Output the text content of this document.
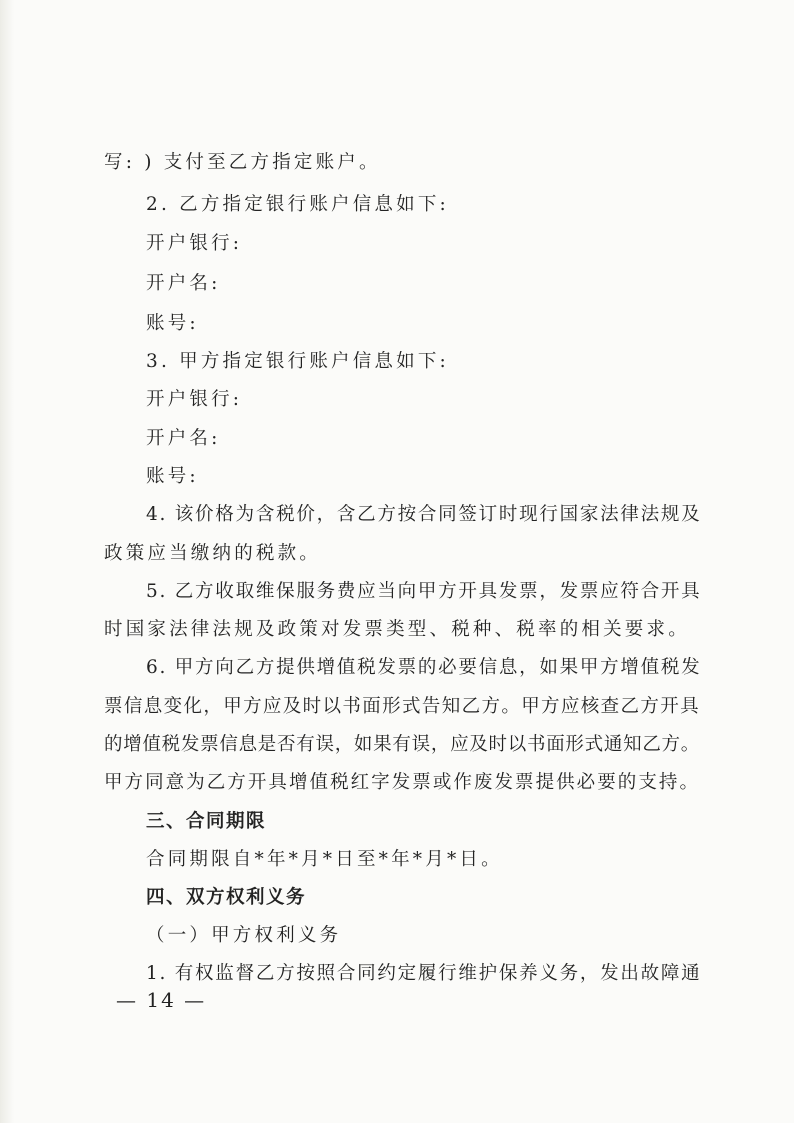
写: ) 支付至乙方指定账户。
2. 乙方指定银行账户信息如下:
开户银行:
开户名:
账号:
3. 甲方指定银行账户信息如下:
开户银行:
开户名:
账号:
4. 该价格为含税价，含乙方按合同签订时现行国家法律法规及
政策应当缴纳的税款。
5. 乙方收取维保服务费应当向甲方开具发票，发票应符合开具
时国家法律法规及政策对发票类型、税种、税率的相关要求。
6. 甲方向乙方提供增值税发票的必要信息，如果甲方增值税发
票信息变化，甲方应及时以书面形式告知乙方。甲方应核查乙方开具
的增值税发票信息是否有误，如果有误，应及时以书面形式通知乙方。
甲方同意为乙方开具增值税红字发票或作废发票提供必要的支持。
三、合同期限
合同期限自*年*月*日至*年*月*日。
四、双方权利义务
（一）甲方权利义务
1. 有权监督乙方按照合同约定履行维护保养义务，发出故障通
— 14 —
